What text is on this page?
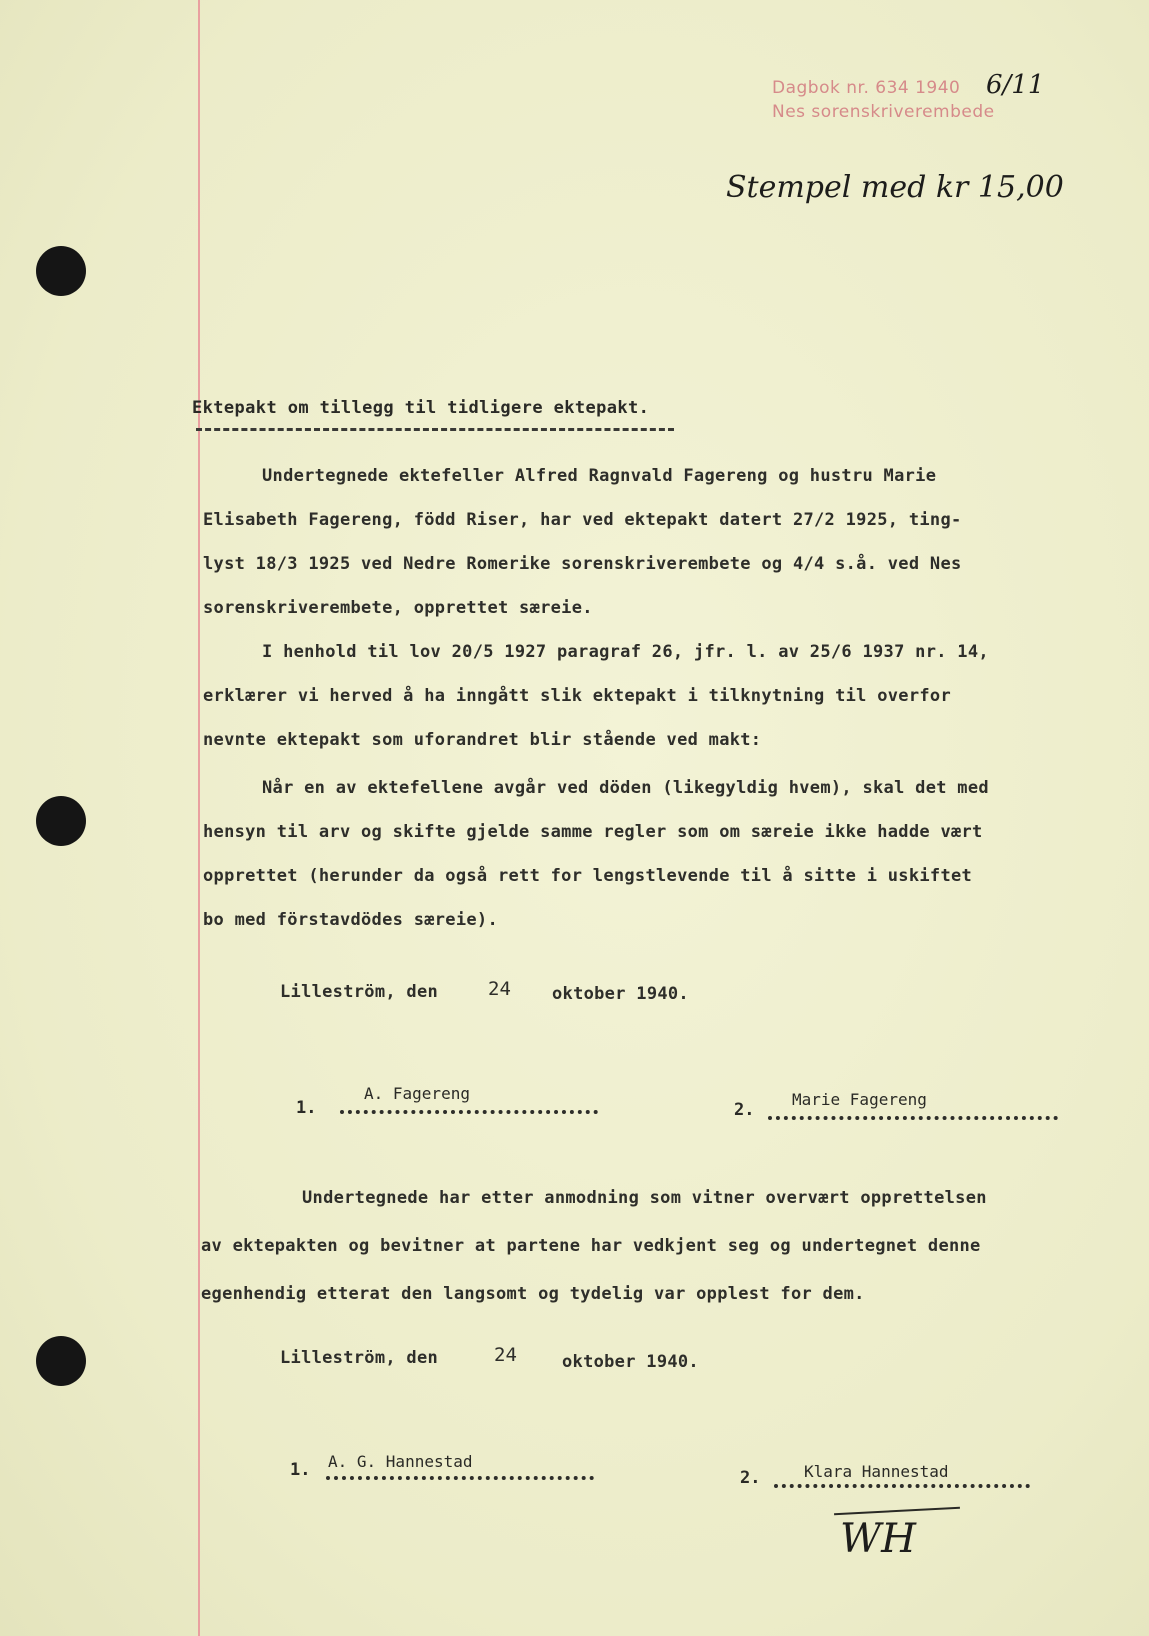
Dagbok nr. 634 1940
Nes sorenskriverembede
6/11
Stempel med kr 15,00
Ektepakt om tillegg til tidligere ektepakt.
Undertegnede ektefeller Alfred Ragnvald Fagereng og hustru Marie
Elisabeth Fagereng, född Riser, har ved ektepakt datert 27/2 1925, ting-
lyst 18/3 1925 ved Nedre Romerike sorenskriverembete og 4/4 s.å. ved Nes
sorenskriverembete, opprettet særeie.
I henhold til lov 20/5 1927 paragraf 26, jfr. l. av 25/6 1937 nr. 14,
erklærer vi herved å ha inngått slik ektepakt i tilknytning til overfor
nevnte ektepakt som uforandret blir stående ved makt:
Når en av ektefellene avgår ved döden (likegyldig hvem), skal det med
hensyn til arv og skifte gjelde samme regler som om særeie ikke hadde vært
opprettet (herunder da også rett for lengstlevende til å sitte i uskiftet
bo med förstavdödes særeie).
Lilleström, den	24 oktober 1940.
1.
A. Fagereng
2.
Marie Fagereng
Undertegnede har etter anmodning som vitner overvært opprettelsen
av ektepakten og bevitner at partene har vedkjent seg og undertegnet denne
egenhendig etterat den langsomt og tydelig var opplest for dem.
Lilleström, den	24	oktober 1940.
1. A. G. Hannestad
2.	Klara Hannestad
WH
